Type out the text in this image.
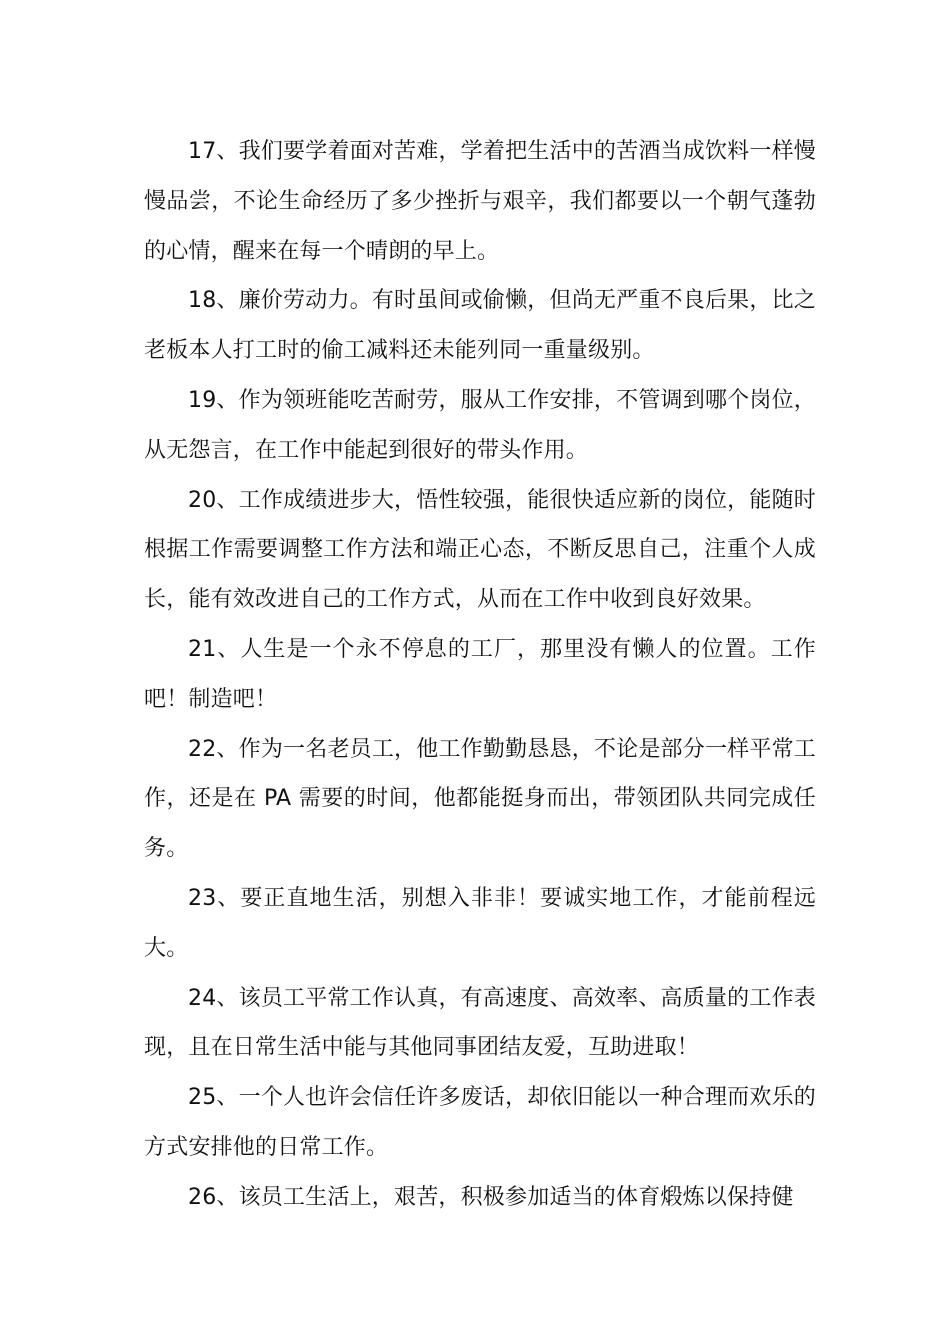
17、我们要学着面对苦难，学着把生活中的苦酒当成饮料一样慢慢品尝，不论生命经历了多少挫折与艰辛，我们都要以一个朝气蓬勃的心情，醒来在每一个晴朗的早上。

18、廉价劳动力。有时虽间或偷懒，但尚无严重不良后果，比之老板本人打工时的偷工减料还未能列同一重量级别。

19、作为领班能吃苦耐劳，服从工作安排，不管调到哪个岗位，从无怨言，在工作中能起到很好的带头作用。

20、工作成绩进步大，悟性较强，能很快适应新的岗位，能随时根据工作需要调整工作方法和端正心态，不断反思自己，注重个人成长，能有效改进自己的工作方式，从而在工作中收到良好效果。

21、人生是一个永不停息的工厂，那里没有懒人的位置。工作吧！制造吧！

22、作为一名老员工，他工作勤勤恳恳，不论是部分一样平常工作，还是在 PA 需要的时间，他都能挺身而出，带领团队共同完成任务。

23、要正直地生活，别想入非非！要诚实地工作，才能前程远大。

24、该员工平常工作认真，有高速度、高效率、高质量的工作表现，且在日常生活中能与其他同事团结友爱，互助进取！

25、一个人也许会信任许多废话，却依旧能以一种合理而欢乐的方式安排他的日常工作。

26、该员工生活上，艰苦，积极参加适当的体育煅炼以保持健
